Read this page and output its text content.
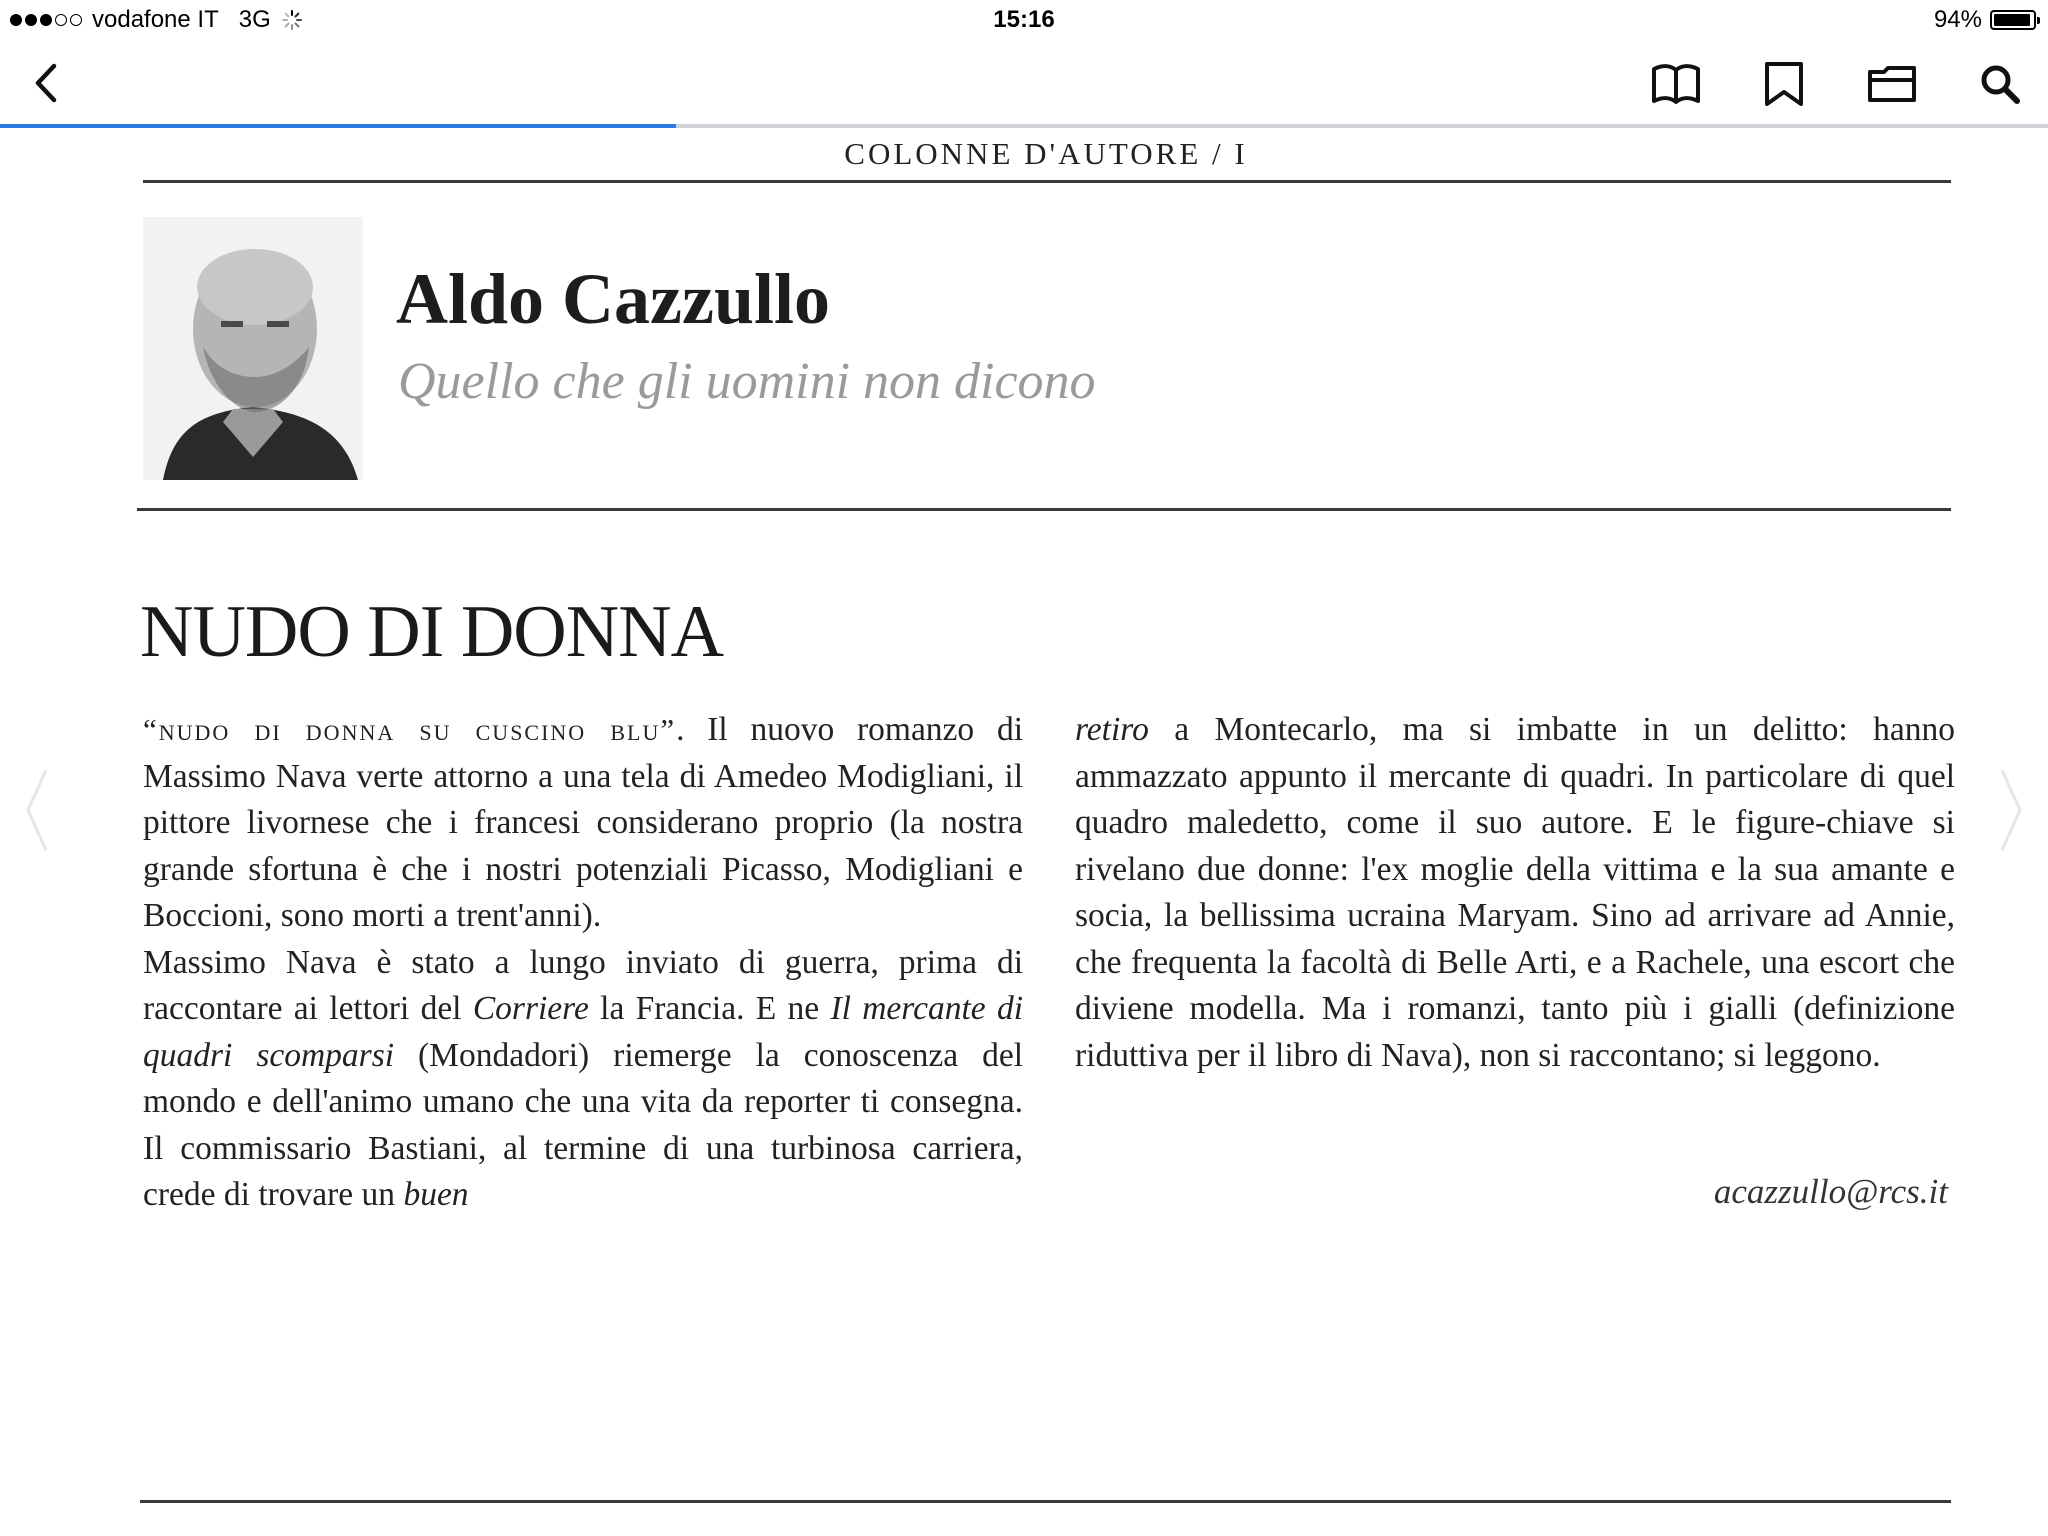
vodafone IT 3G	15:16	94%
COLONNE D'AUTORE / I
Aldo Cazzullo
Quello che gli uomini non dicono
NUDO DI DONNA

“nudo di donna su cuscino blu”. Il nuovo romanzo di Massimo Nava verte attorno a una tela di Amedeo Modigliani, il pittore livornese che i francesi considerano proprio (la nostra grande sfortuna è che i nostri potenziali Picasso, Modigliani e Boccioni, sono morti a trent'anni).

Massimo Nava è stato a lungo inviato di guerra, prima di raccontare ai lettori del Corriere la Francia. E ne Il mercante di quadri scomparsi (Mondadori) riemerge la conoscenza del mondo e dell'animo umano che una vita da reporter ti consegna. Il commissario Bastiani, al termine di una turbinosa carriera, crede di trovare un buen

retiro a Montecarlo, ma si imbatte in un delitto: hanno ammazzato appunto il mercante di quadri. In particolare di quel quadro maledetto, come il suo autore. E le figure-chiave si rivelano due donne: l'ex moglie della vittima e la sua amante e socia, la bellissima ucraina Maryam. Sino ad arrivare ad Annie, che frequenta la facoltà di Belle Arti, e a Rachele, una escort che diviene modella. Ma i romanzi, tanto più i gialli (definizione riduttiva per il libro di Nava), non si raccontano; si leggono.

acazzullo@rcs.it
